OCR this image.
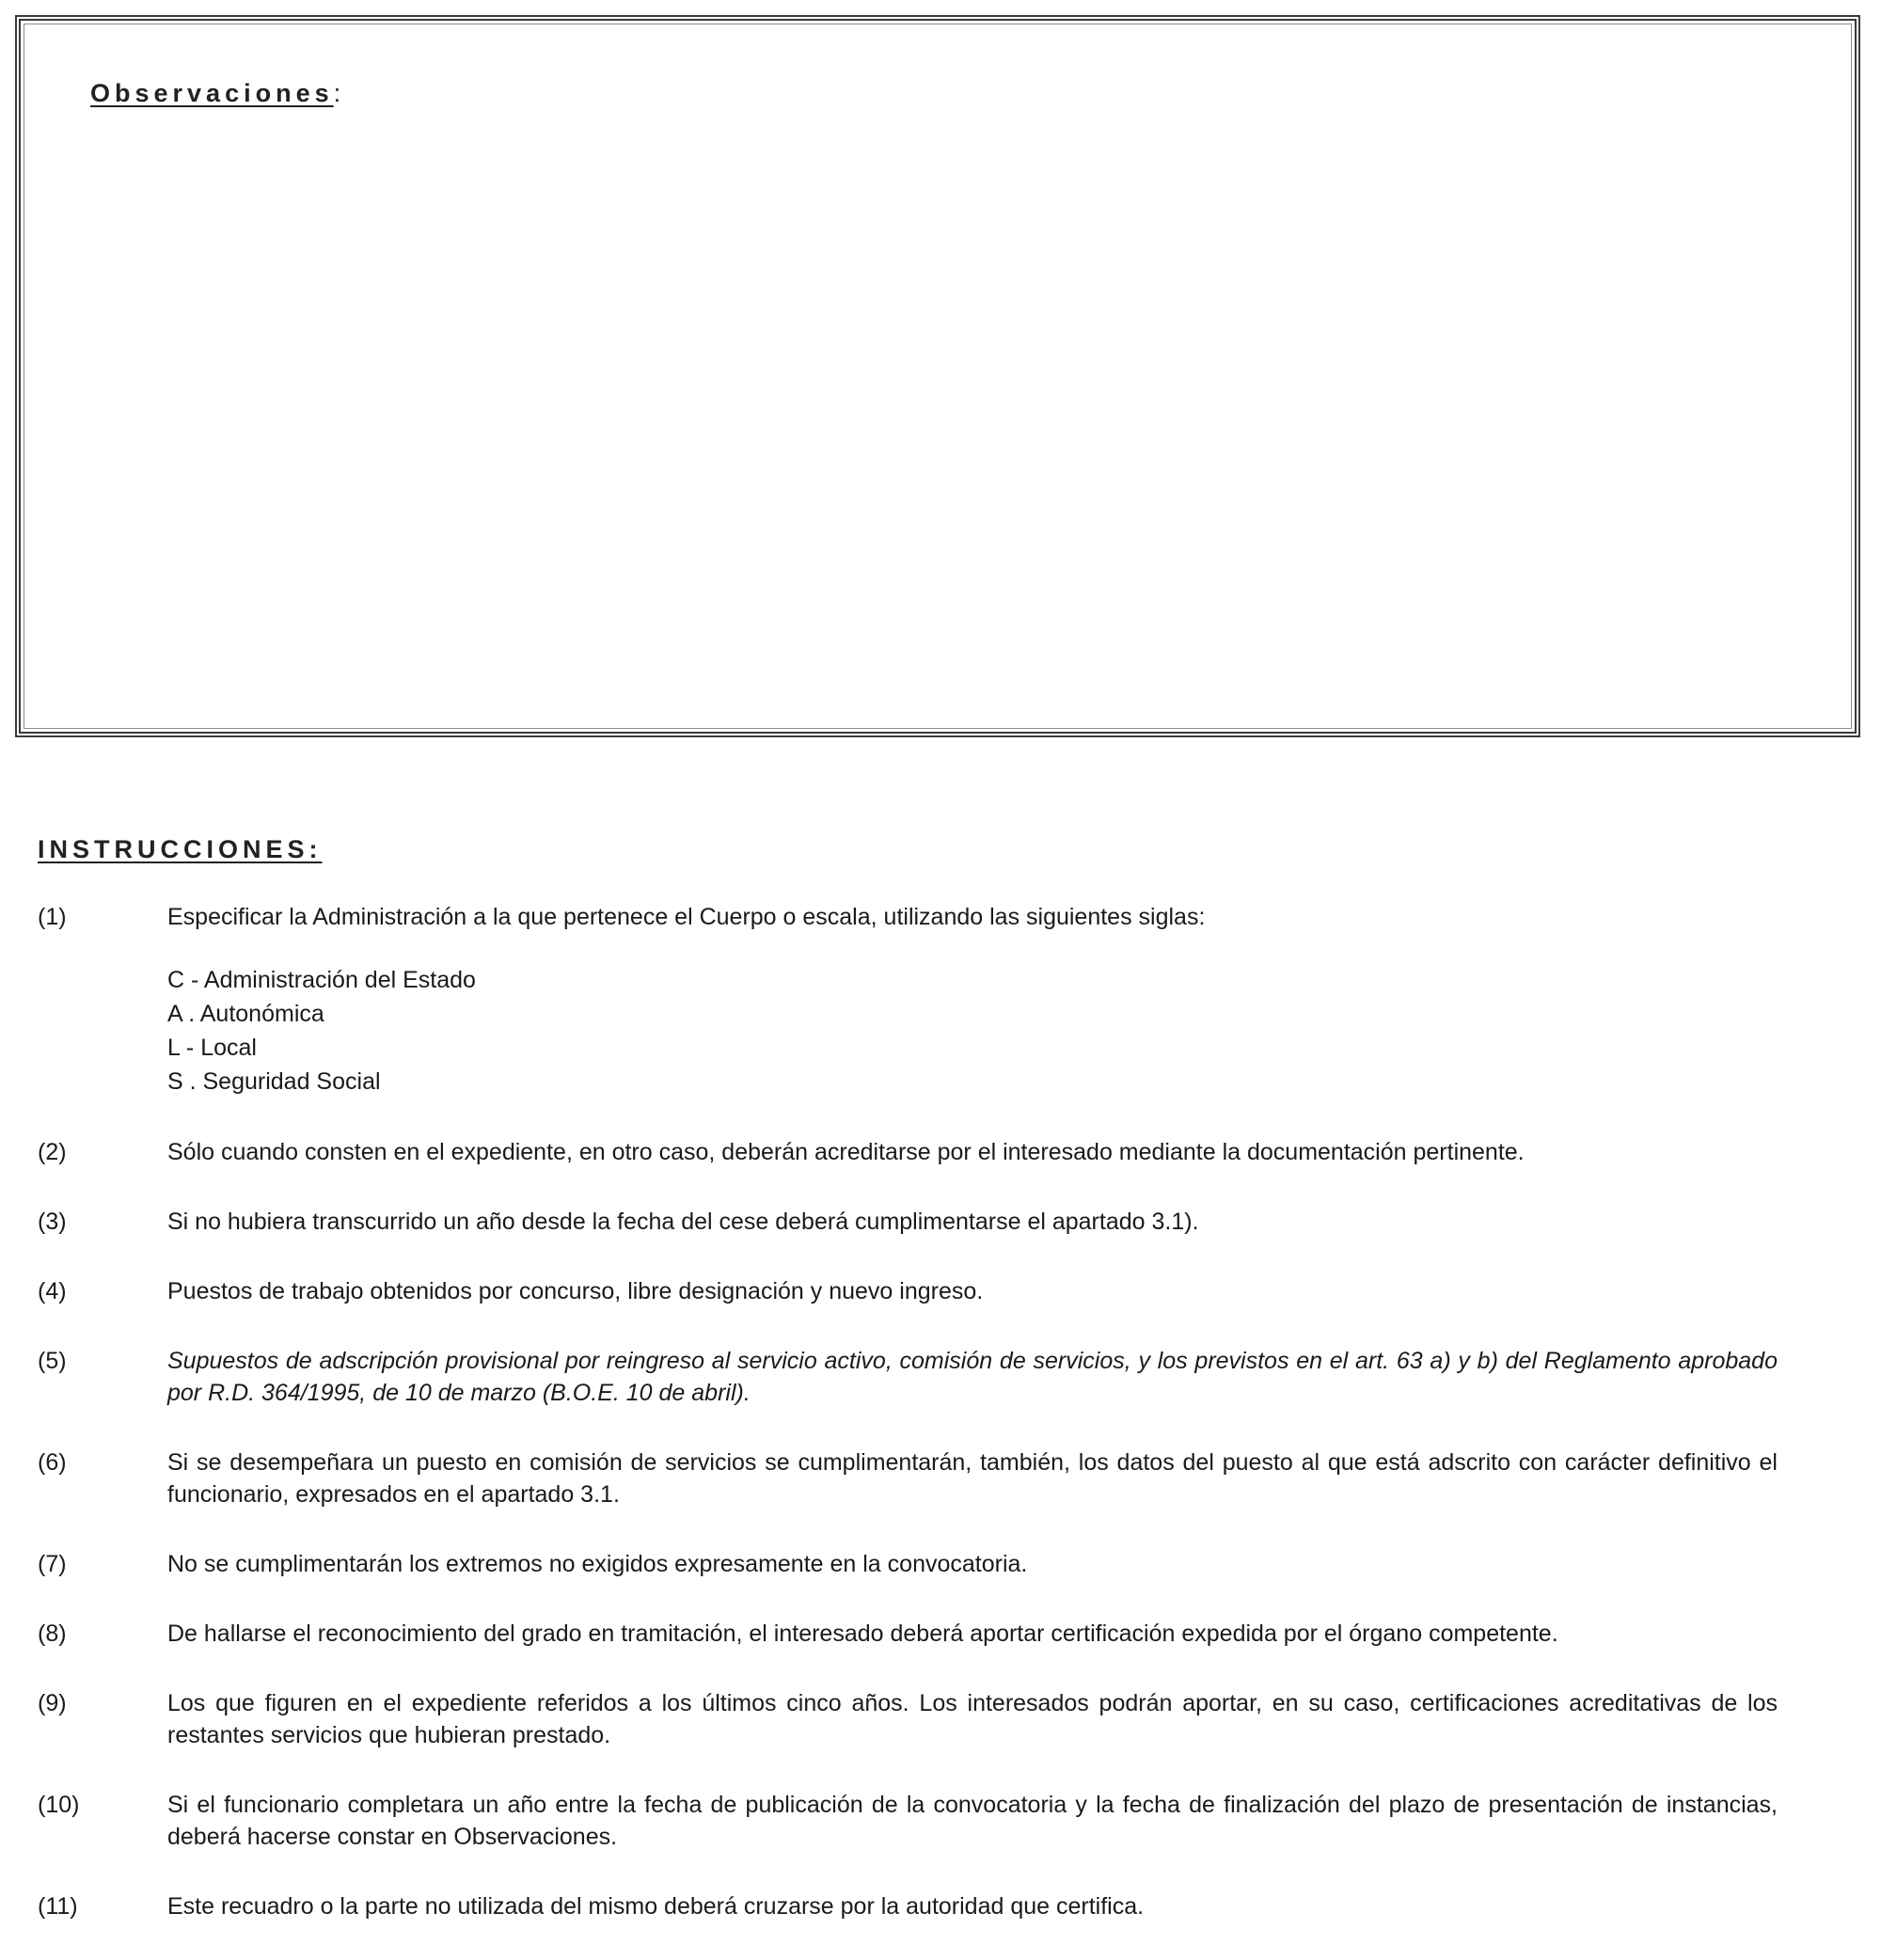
Observaciones:
INSTRUCCIONES:
(1)	Especificar la Administración a la que pertenece el Cuerpo o escala, utilizando las siguientes siglas:
C - Administración del Estado
A . Autonómica
L - Local
S . Seguridad Social
(2)	Sólo cuando consten en el expediente, en otro caso, deberán acreditarse por el interesado mediante la documentación pertinente.
(3)	Si no hubiera transcurrido un año desde la fecha del cese deberá cumplimentarse el apartado 3.1).
(4)	Puestos de trabajo obtenidos por concurso, libre designación y nuevo ingreso.
(5)	Supuestos de adscripción provisional por reingreso al servicio activo, comisión de servicios, y los previstos en el art. 63 a) y b) del Reglamento aprobado por R.D. 364/1995, de 10 de marzo (B.O.E. 10 de abril).
(6)	Si se desempeñara un puesto en comisión de servicios se cumplimentarán, también, los datos del puesto al que está adscrito con carácter definitivo el funcionario, expresados en el apartado 3.1.
(7)	No se cumplimentarán los extremos no exigidos expresamente en la convocatoria.
(8)	De hallarse el reconocimiento del grado en tramitación, el interesado deberá aportar certificación expedida por el órgano competente.
(9)	Los que figuren en el expediente referidos a los últimos cinco años. Los interesados podrán aportar, en su caso, certificaciones acreditativas de los restantes servicios que hubieran prestado.
(10)	Si el funcionario completara un año entre la fecha de publicación de la convocatoria y la fecha de finalización del plazo de presentación de instancias, deberá hacerse constar en Observaciones.
(11)	Este recuadro o la parte no utilizada del mismo deberá cruzarse por la autoridad que certifica.
